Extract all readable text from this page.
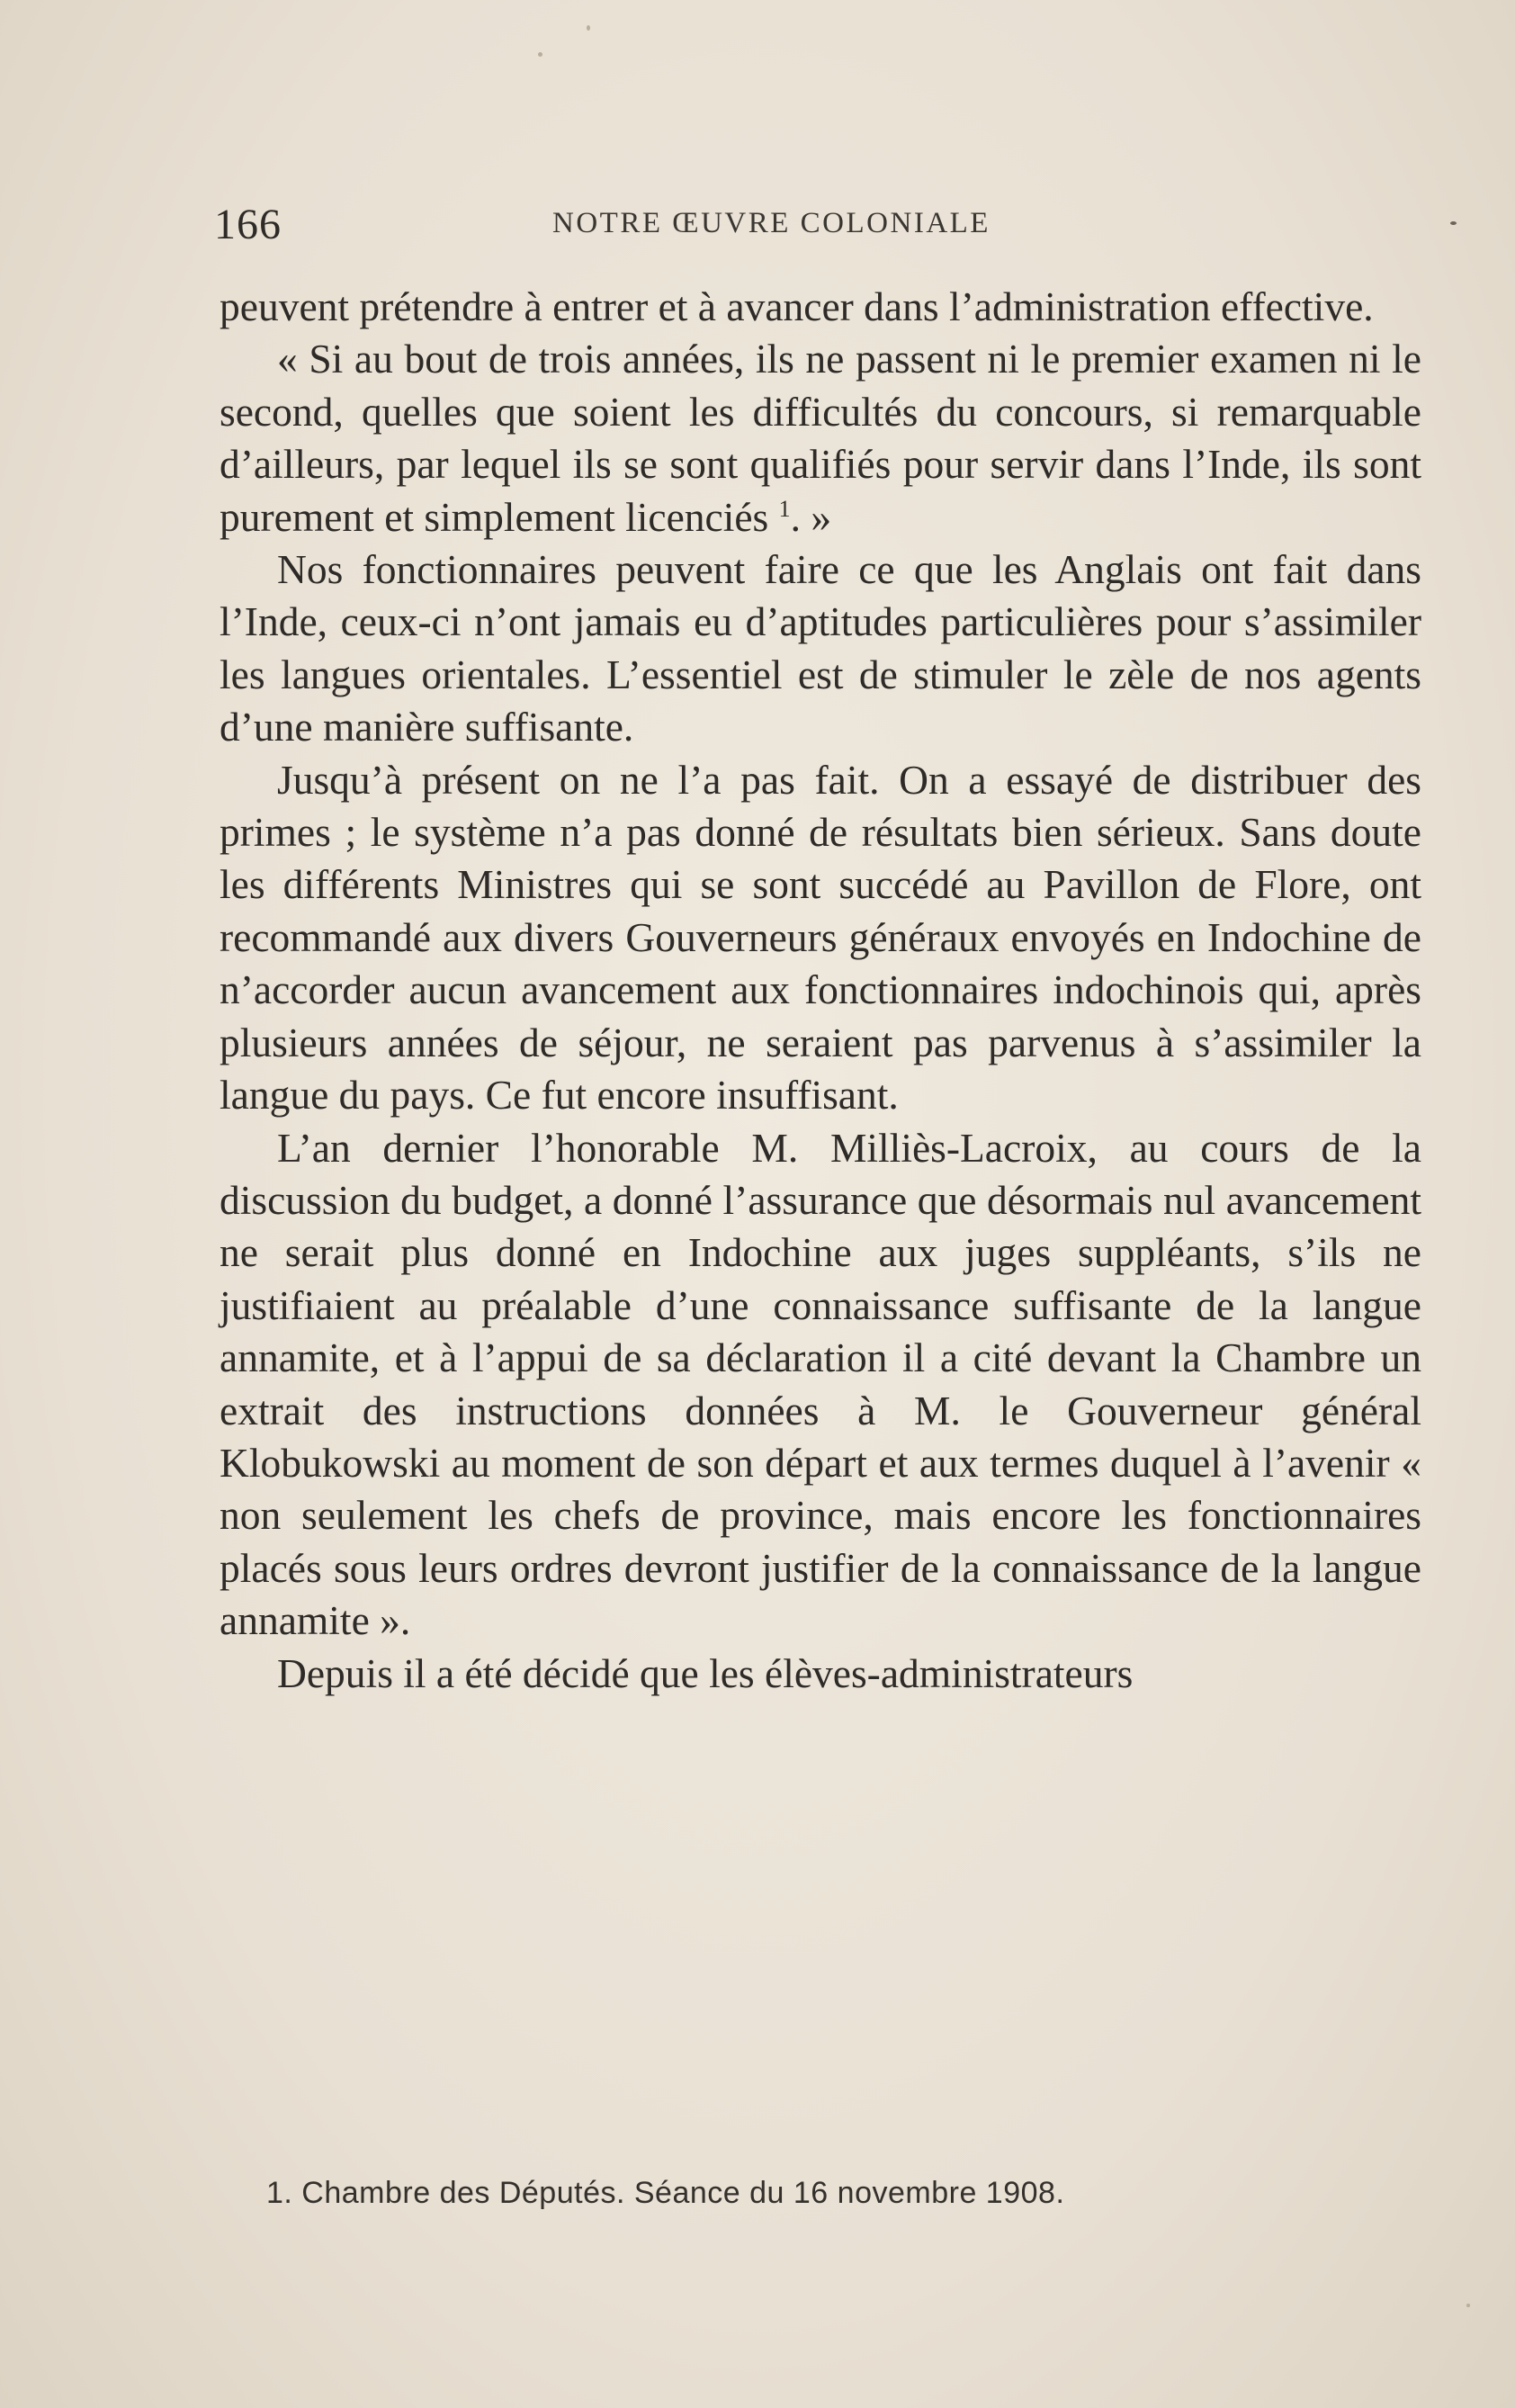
166	NOTRE ŒUVRE COLONIALE

peuvent prétendre à entrer et à avancer dans l’administration effective.

« Si au bout de trois années, ils ne passent ni le premier examen ni le second, quelles que soient les difficultés du concours, si remarquable d’ailleurs, par lequel ils se sont qualifiés pour servir dans l’Inde, ils sont purement et simplement licenciés $^1$. »

Nos fonctionnaires peuvent faire ce que les Anglais ont fait dans l’Inde, ceux-ci n’ont jamais eu d’aptitudes particulières pour s’assimiler les langues orientales. L’essentiel est de stimuler le zèle de nos agents d’une manière suffisante.

Jusqu’à présent on ne l’a pas fait. On a essayé de distribuer des primes ; le système n’a pas donné de résultats bien sérieux. Sans doute les différents Ministres qui se sont succédé au Pavillon de Flore, ont recommandé aux divers Gouverneurs généraux envoyés en Indochine de n’accorder aucun avancement aux fonctionnaires indochinois qui, après plusieurs années de séjour, ne seraient pas parvenus à s’assimiler la langue du pays. Ce fut encore insuffisant.

L’an dernier l’honorable M. Milliès-Lacroix, au cours de la discussion du budget, a donné l’assurance que désormais nul avancement ne serait plus donné en Indochine aux juges suppléants, s’ils ne justifiaient au préalable d’une connaissance suffisante de la langue annamite, et à l’appui de sa déclaration il a cité devant la Chambre un extrait des instructions données à M. le Gouverneur général Klobukowski au moment de son départ et aux termes duquel à l’avenir « non seulement les chefs de province, mais encore les fonctionnaires placés sous leurs ordres devront justifier de la connaissance de la langue annamite ».

Depuis il a été décidé que les élèves-administrateurs

1. Chambre des Députés. Séance du 16 novembre 1908.
